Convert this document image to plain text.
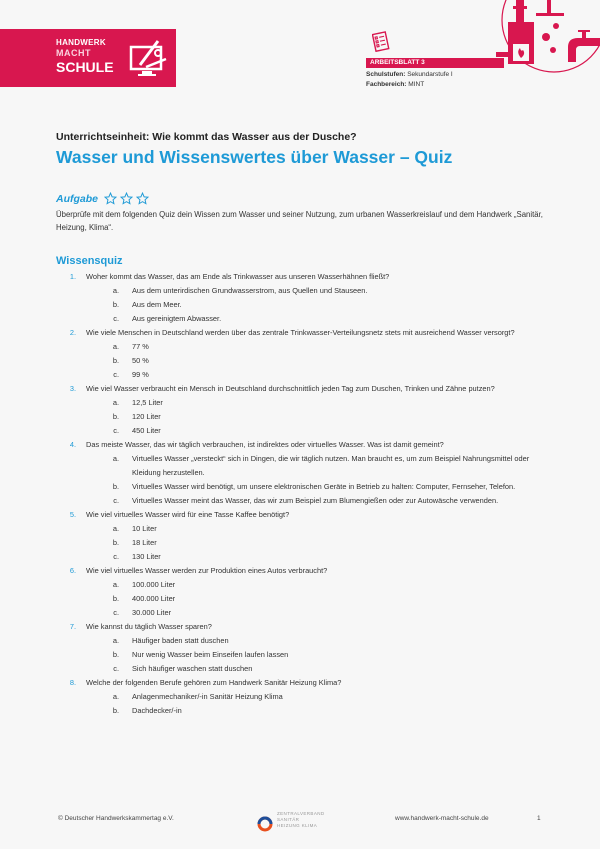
HANDWERK
MACHT
SCHULE	ARBEITSBLATT 3
Schulstufen: Sekundarstufe I
Fachbereich: MINT
Unterrichtseinheit: Wie kommt das Wasser aus der Dusche?
Wasser und Wissenswertes über Wasser – Quiz
Aufgabe
Überprüfe mit dem folgenden Quiz dein Wissen zum Wasser und seiner Nutzung, zum urbanen Wasserkreislauf und dem Handwerk „Sanitär, Heizung, Klima“.
Wissensquiz
1.	Woher kommt das Wasser, das am Ende als Trinkwasser aus unseren Wasserhähnen fließt?
a.	Aus dem unterirdischen Grundwasserstrom, aus Quellen und Stauseen.
b.	Aus dem Meer.
c.	Aus gereinigtem Abwasser.
2.	Wie viele Menschen in Deutschland werden über das zentrale Trinkwasser-Verteilungsnetz stets mit ausreichend Wasser versorgt?
a.	77 %
b.	50 %
c.	99 %
3.	Wie viel Wasser verbraucht ein Mensch in Deutschland durchschnittlich jeden Tag zum Duschen, Trinken und Zähne putzen?
a.	12,5 Liter
b.	120 Liter
c.	450 Liter
4.	Das meiste Wasser, das wir täglich verbrauchen, ist indirektes oder virtuelles Wasser. Was ist damit gemeint?
a.	Virtuelles Wasser „versteckt“ sich in Dingen, die wir täglich nutzen. Man braucht es, um zum Beispiel Nahrungsmittel oder Kleidung herzustellen.
b.	Virtuelles Wasser wird benötigt, um unsere elektronischen Geräte in Betrieb zu halten: Computer, Fernseher, Telefon.
c.	Virtuelles Wasser meint das Wasser, das wir zum Beispiel zum Blumengießen oder zur Autowäsche verwenden.
5.	Wie viel virtuelles Wasser wird für eine Tasse Kaffee benötigt?
a.	10 Liter
b.	18 Liter
c.	130 Liter
6.	Wie viel virtuelles Wasser werden zur Produktion eines Autos verbraucht?
a.	100.000 Liter
b.	400.000 Liter
c.	30.000 Liter
7.	Wie kannst du täglich Wasser sparen?
a.	Häufiger baden statt duschen
b.	Nur wenig Wasser beim Einseifen laufen lassen
c.	Sich häufiger waschen statt duschen
8.	Welche der folgenden Berufe gehören zum Handwerk Sanitär Heizung Klima?
a.	Anlagenmechaniker/-in Sanitär Heizung Klima
b.	Dachdecker/-in
© Deutscher Handwerkskammertag e.V.
ZENTRALVERBAND
SANITÄR
HEIZUNG KLIMA
www.handwerk-macht-schule.de	1
